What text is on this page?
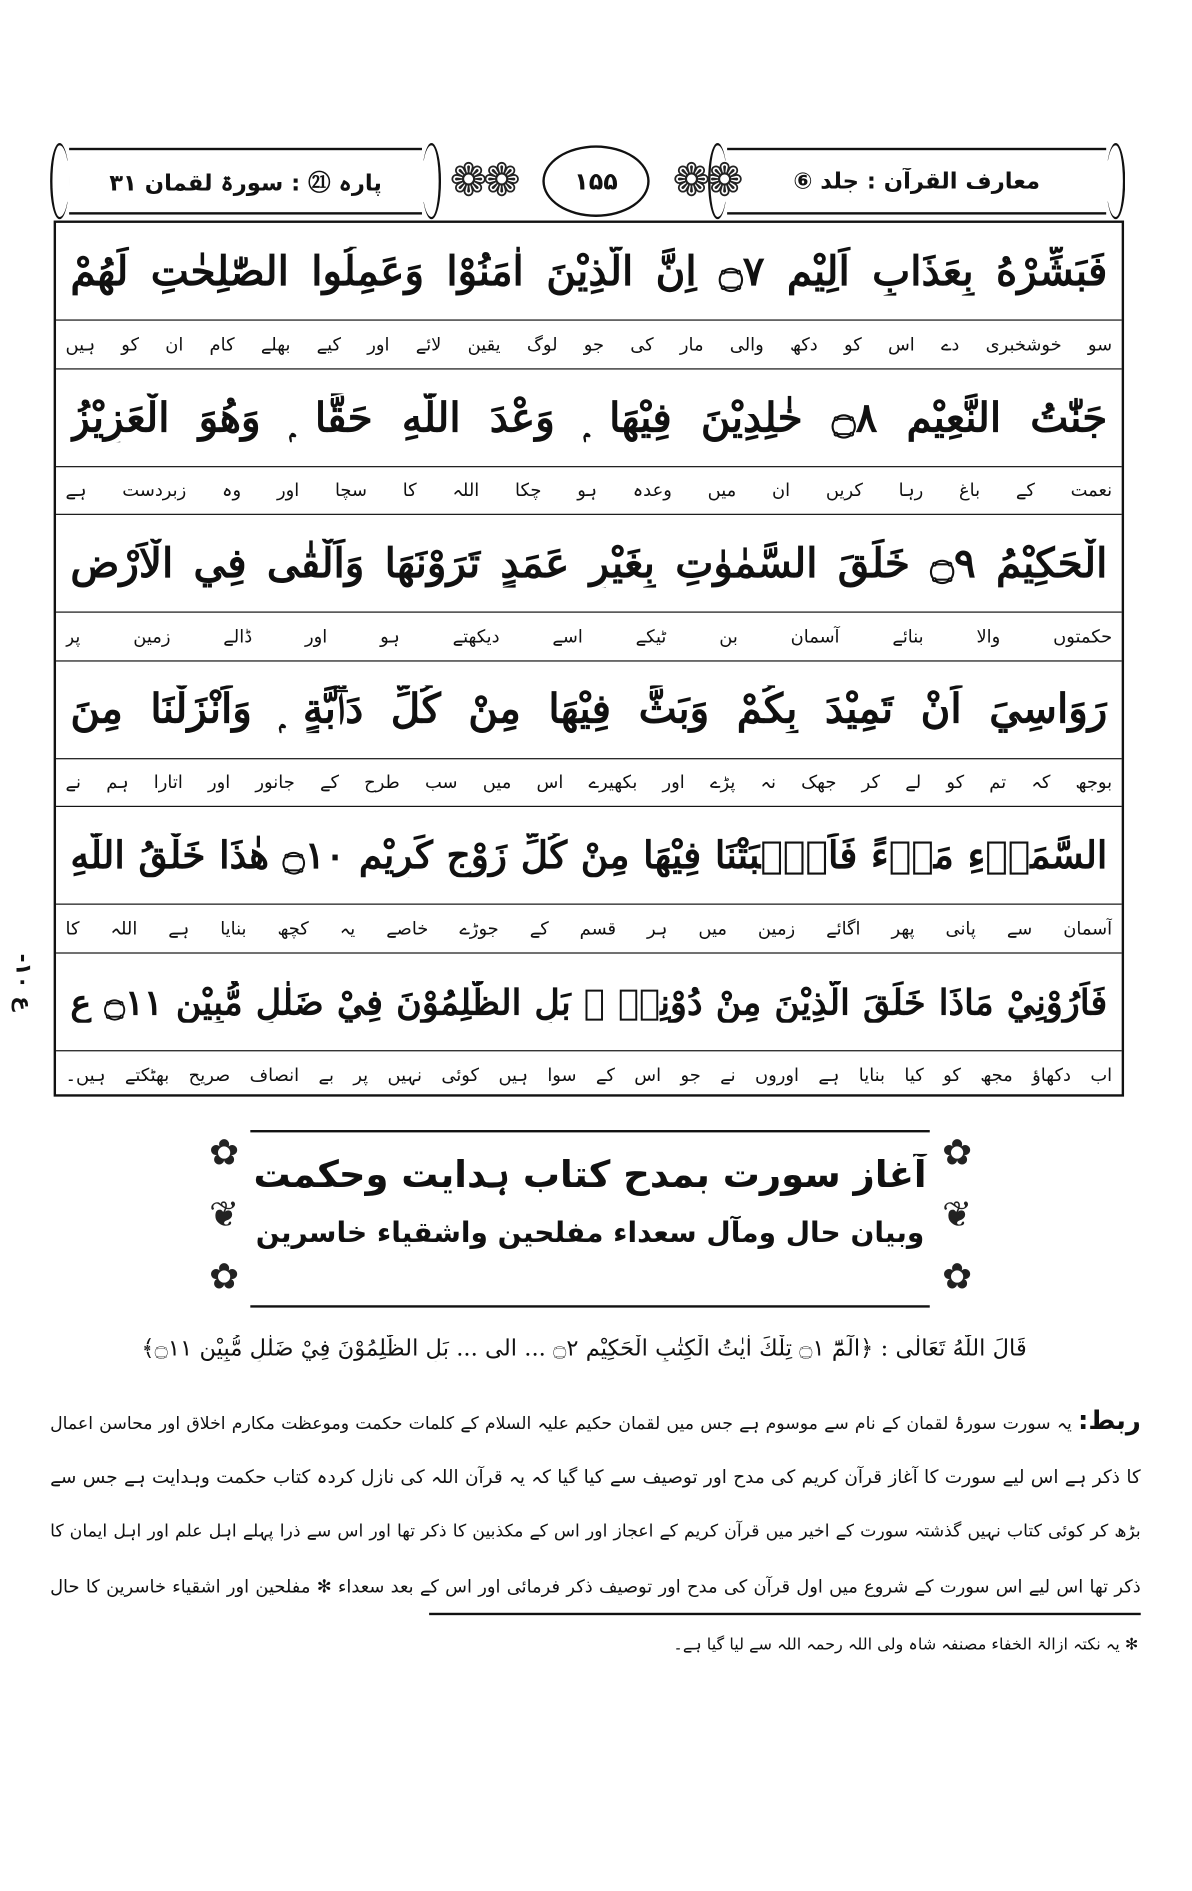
معارف القرآن : جلد ⑥
❁❁	۱۵۵	❁❁
پارہ ㉑ : سورۃ لقمان ۳۱
فَبَشِّرْهُ بِعَذَابٍ اَلِيْمٍ ۝٧ اِنَّ الَّذِيْنَ اٰمَنُوْا وَعَمِلُوا الصّٰلِحٰتِ لَهُمْ
سو خوشخبری دے اس کو دکھ والی مار کی جو لوگ یقین لائے اور کیے بھلے کام ان کو ہیں
جَنّٰتُ النَّعِيْمِ ۝٨ خٰلِدِيْنَ فِيْهَا ۭ وَعْدَ اللّٰهِ حَقًّا ۭ وَهُوَ الْعَزِيْزُ
نعمت کے باغ رہا کریں ان میں وعدہ ہو چکا اللہ کا سچا اور وہ زبردست ہے
الْحَكِيْمُ ۝٩ خَلَقَ السَّمٰوٰتِ بِغَيْرِ عَمَدٍ تَرَوْنَهَا وَاَلْقٰى فِي الْاَرْضِ
حکمتوں والا بنائے آسمان بن ٹیکے اسے دیکھتے ہو اور ڈالے زمین پر
رَوَاسِيَ اَنْ تَمِيْدَ بِكُمْ وَبَثَّ فِيْهَا مِنْ كُلِّ دَاۗبَّةٍ ۭ وَاَنْزَلْنَا مِنَ
بوجھ کہ تم کو لے کر جھک نہ پڑے اور بکھیرے اس میں سب طرح کے جانور اور اتارا ہم نے
السَّمَاۗءِ مَاۗءً فَاَنْۢبَتْنَا فِيْهَا مِنْ كُلِّ زَوْجٍ كَرِيْمٍ ۝١٠ هٰذَا خَلْقُ اللّٰهِ
آسمان سے پانی پھر اگائے زمین میں ہر قسم کے جوڑے خاصے یہ کچھ بنایا ہے اللہ کا
فَاَرُوْنِيْ مَاذَا خَلَقَ الَّذِيْنَ مِنْ دُوْنِهٖ ۭ بَلِ الظّٰلِمُوْنَ فِيْ ضَلٰلٍ مُّبِيْنٍ ۝١١ ع
اب دکھاؤ مجھ کو کیا بنایا ہے اوروں نے جو اس کے سوا ہیں کوئی نہیں پر بے انصاف صریح بھٹکتے ہیں۔
ع ۱۰-
✿
❦
✿
آغاز سورت بمدح کتاب ہدایت وحکمت
وبیان حال ومآل سعداء مفلحین واشقیاء خاسرین
✿
❦
✿
قَالَ اللّٰهُ تَعَالٰی : ﴿الٓمّٓ ۝١ تِلْكَ اٰيٰتُ الْكِتٰبِ الْحَكِيْمِ ۝٢ ... الی ... بَلِ الظّٰلِمُوْنَ فِيْ ضَلٰلٍ مُّبِيْنٍ ۝١١﴾
ربط: یہ سورت سورۂ لقمان کے نام سے موسوم ہے جس میں لقمان حکیم علیہ السلام کے کلمات حکمت وموعظت مکارم اخلاق اور محاسن اعمال
کا ذکر ہے اس لیے سورت کا آغاز قرآن کریم کی مدح اور توصیف سے کیا گیا کہ یہ قرآن اللہ کی نازل کردہ کتاب حکمت وہدایت ہے جس سے
بڑھ کر کوئی کتاب نہیں گذشتہ سورت کے اخیر میں قرآن کریم کے اعجاز اور اس کے مکذبین کا ذکر تھا اور اس سے ذرا پہلے اہل علم اور اہل ایمان کا
ذکر تھا اس لیے اس سورت کے شروع میں اول قرآن کی مدح اور توصیف ذکر فرمائی اور اس کے بعد سعداء ✻ مفلحین اور اشقیاء خاسرین کا حال
✻ یہ نکتہ ازالۃ الخفاء مصنفہ شاہ ولی اللہ رحمہ اللہ سے لیا گیا ہے۔
